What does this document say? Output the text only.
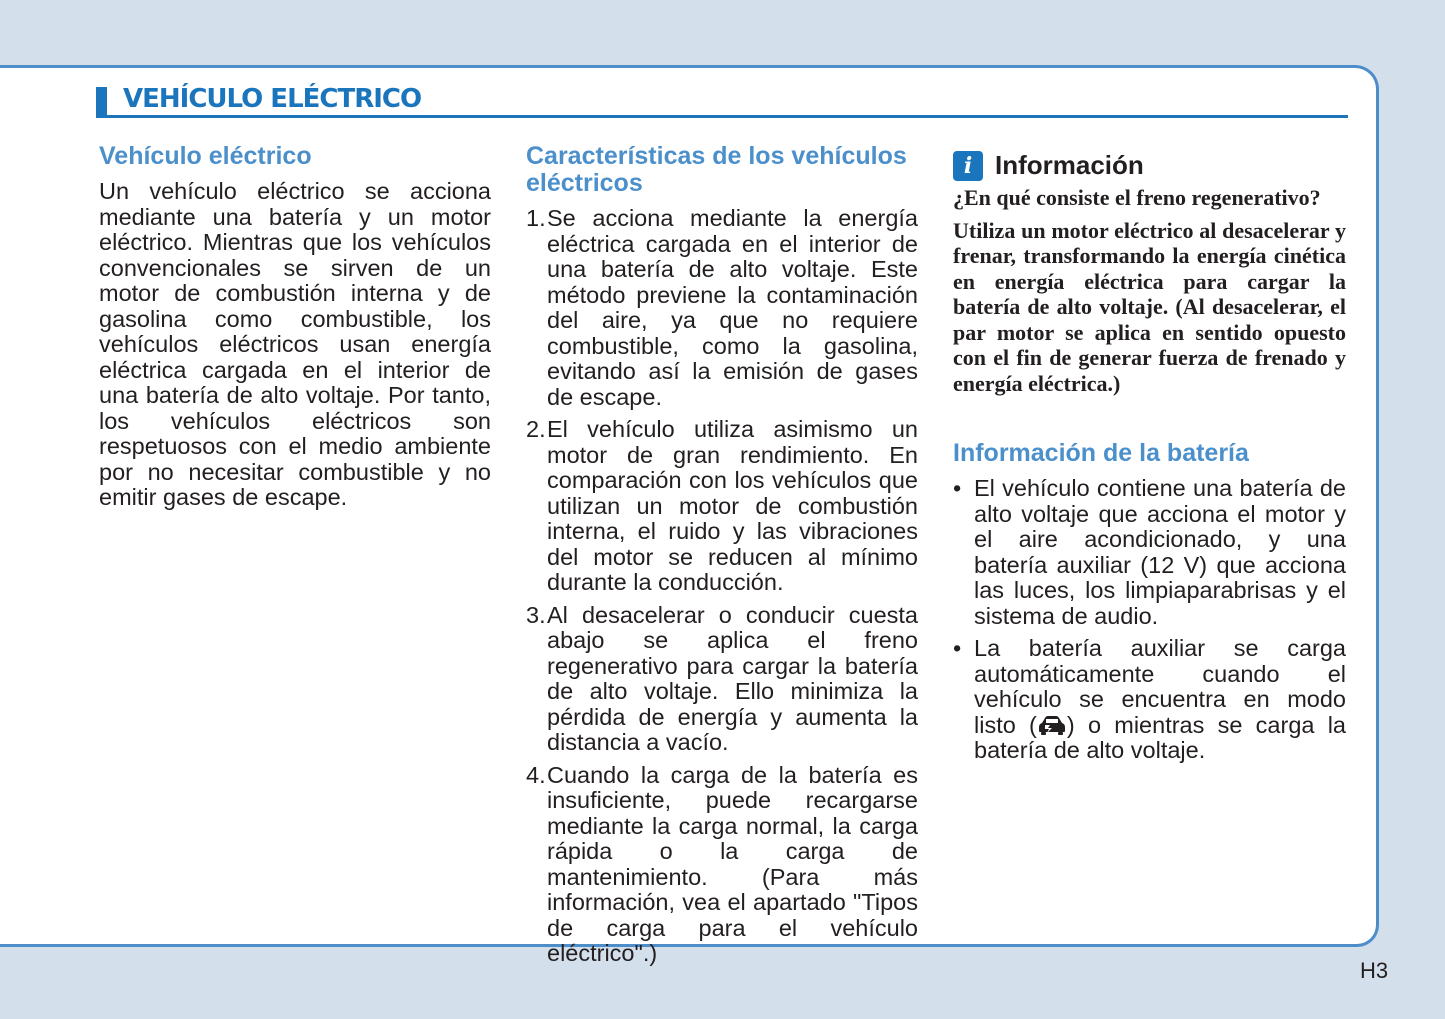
VEHÍCULO ELÉCTRICO
Vehículo eléctrico

Un vehículo eléctrico se acciona mediante una batería y un motor eléctrico. Mientras que los vehículos convencionales se sirven de un motor de combustión interna y de gasolina como combustible, los vehículos eléctricos usan energía eléctrica cargada en el interior de una batería de alto voltaje. Por tanto, los vehículos eléctricos son respetuosos con el medio ambiente por no necesitar combustible y no emitir gases de escape.

Características de los vehículos eléctricos
1. Se acciona mediante la energía eléctrica cargada en el interior de una batería de alto voltaje. Este método previene la contaminación del aire, ya que no requiere combustible, como la gasolina, evitando así la emisión de gases de escape.
2. El vehículo utiliza asimismo un motor de gran rendimiento. En comparación con los vehículos que utilizan un motor de combustión interna, el ruido y las vibraciones del motor se reducen al mínimo durante la conducción.
3. Al desacelerar o conducir cuesta abajo se aplica el freno regenerativo para cargar la batería de alto voltaje. Ello minimiza la pérdida de energía y aumenta la distancia a vacío.
4. Cuando la carga de la batería es insuficiente, puede recargarse mediante la carga normal, la carga rápida o la carga de mantenimiento. (Para más información, vea el apartado "Tipos de carga para el vehículo eléctrico".)
i Información

¿En qué consiste el freno regenerativo?

Utiliza un motor eléctrico al desacelerar y frenar, transformando la energía cinética en energía eléctrica para cargar la batería de alto voltaje. (Al desacelerar, el par motor se aplica en sentido opuesto con el fin de generar fuerza de frenado y energía eléctrica.)

Información de la batería
• El vehículo contiene una batería de alto voltaje que acciona el motor y el aire acondicionado, y una batería auxiliar (12 V) que acciona las luces, los limpiaparabrisas y el sistema de audio.
• La batería auxiliar se carga automáticamente cuando el vehículo se encuentra en modo listo ( ) o mientras se carga la batería de alto voltaje.
H3
